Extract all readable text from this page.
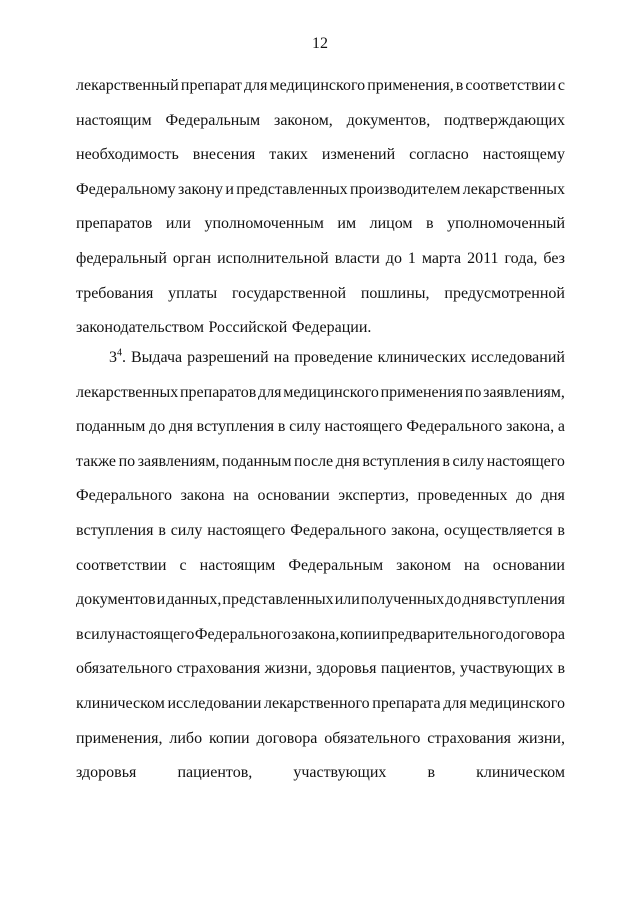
12
лекарственный препарат для медицинского применения, в соответствии с
настоящим Федеральным законом, документов, подтверждающих
необходимость внесения таких изменений согласно настоящему
Федеральному закону и представленных производителем лекарственных
препаратов или уполномоченным им лицом в уполномоченный
федеральный орган исполнительной власти до 1 марта 2011 года, без
требования уплаты государственной пошлины, предусмотренной
законодательством Российской Федерации.
$3^4$. Выдача разрешений на проведение клинических исследований
лекарственных препаратов для медицинского применения по заявлениям,
поданным до дня вступления в силу настоящего Федерального закона, а
также по заявлениям, поданным после дня вступления в силу настоящего
Федерального закона на основании экспертиз, проведенных до дня
вступления в силу настоящего Федерального закона, осуществляется в
соответствии с настоящим Федеральным законом на основании
документов и данных, представленных или полученных до дня вступления
в силу настоящего Федерального закона, копии предварительного договора
обязательного страхования жизни, здоровья пациентов, участвующих в
клиническом исследовании лекарственного препарата для медицинского
применения, либо копии договора обязательного страхования жизни,
здоровья	пациентов,	участвующих	в	клиническом
